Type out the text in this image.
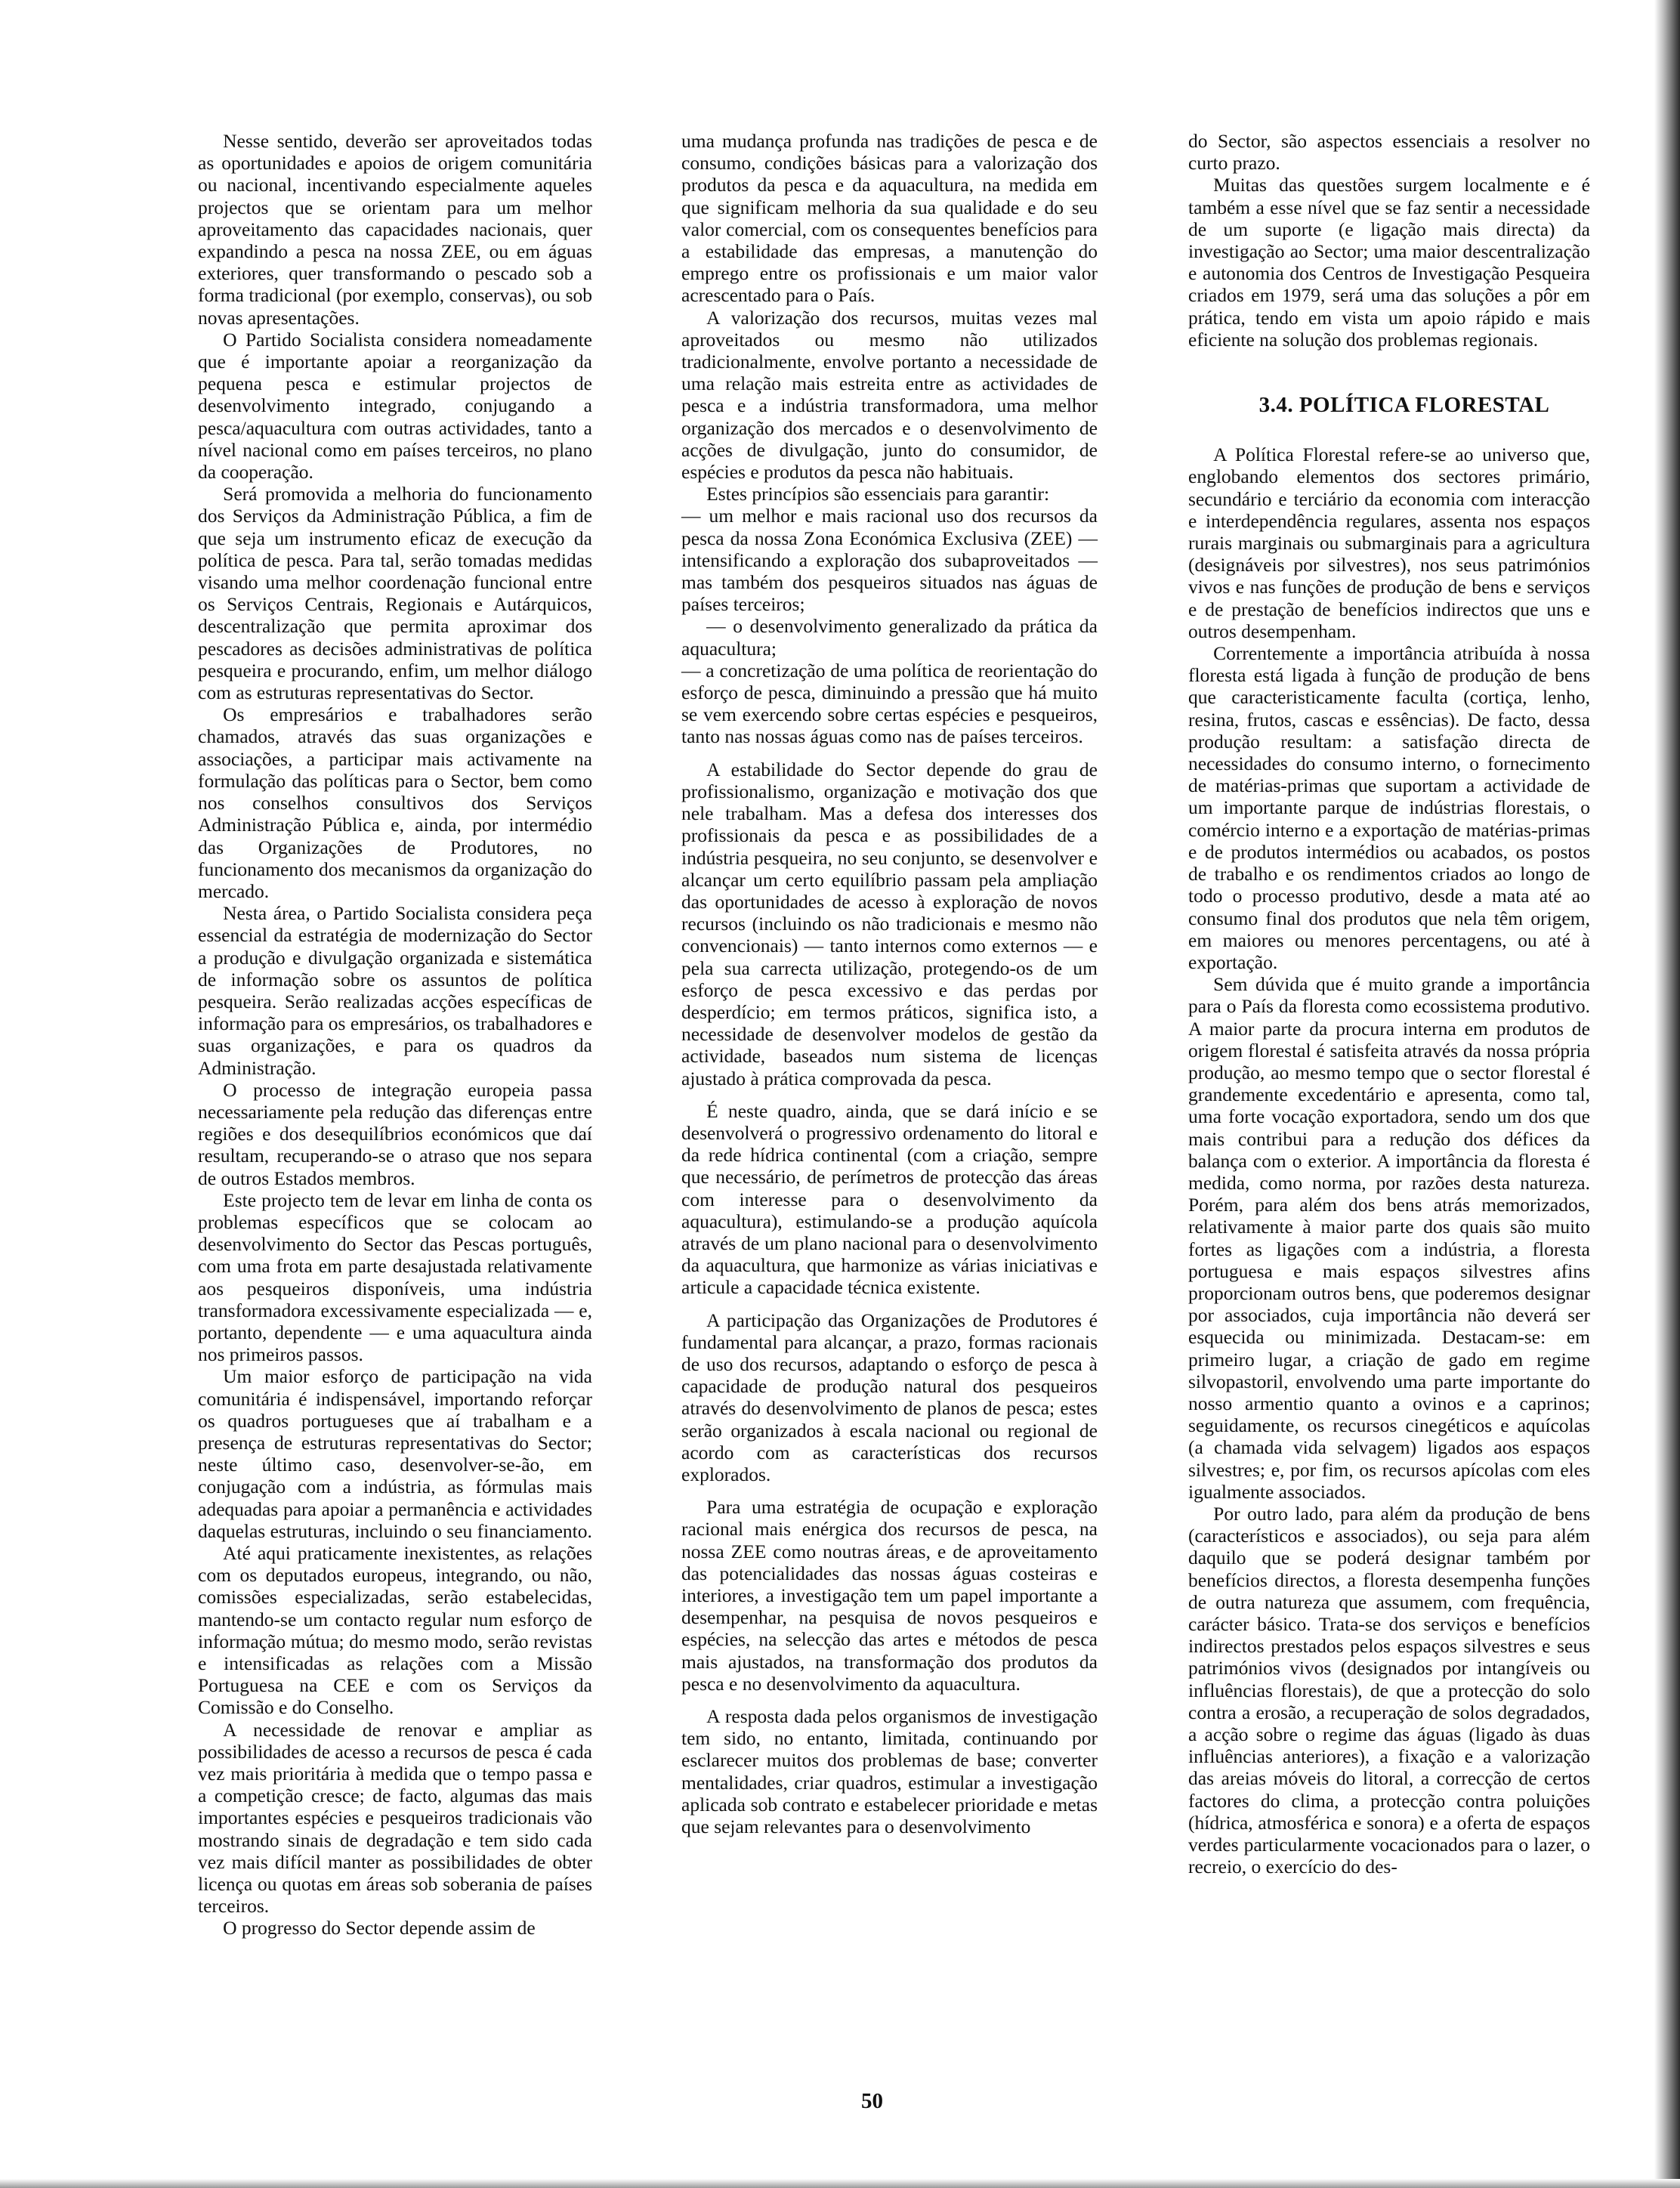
Nesse sentido, deverão ser aproveitados todas as oportunidades e apoios de origem comunitária ou nacional, incentivando especialmente aqueles projectos que se orientam para um melhor aproveitamento das capacidades nacionais, quer expandindo a pesca na nossa ZEE, ou em águas exteriores, quer transformando o pescado sob a forma tradicional (por exemplo, conservas), ou sob novas apresentações.

O Partido Socialista considera nomeadamente que é importante apoiar a reorganização da pequena pesca e estimular projectos de desenvolvimento integrado, conjugando a pesca/aquacultura com outras actividades, tanto a nível nacional como em países terceiros, no plano da cooperação.

Será promovida a melhoria do funcionamento dos Serviços da Administração Pública, a fim de que seja um instrumento eficaz de execução da política de pesca. Para tal, serão tomadas medidas visando uma melhor coordenação funcional entre os Serviços Centrais, Regionais e Autárquicos, descentralização que permita aproximar dos pescadores as decisões administrativas de política pesqueira e procurando, enfim, um melhor diálogo com as estruturas representativas do Sector.

Os empresários e trabalhadores serão chamados, através das suas organizações e associações, a participar mais activamente na formulação das políticas para o Sector, bem como nos conselhos consultivos dos Serviços Administração Pública e, ainda, por intermédio das Organizações de Produtores, no funcionamento dos mecanismos da organização do mercado.

Nesta área, o Partido Socialista considera peça essencial da estratégia de modernização do Sector a produção e divulgação organizada e sistemática de informação sobre os assuntos de política pesqueira. Serão realizadas acções específicas de informação para os empresários, os trabalhadores e suas organizações, e para os quadros da Administração.

O processo de integração europeia passa necessariamente pela redução das diferenças entre regiões e dos desequilíbrios económicos que daí resultam, recuperando-se o atraso que nos separa de outros Estados membros.

Este projecto tem de levar em linha de conta os problemas específicos que se colocam ao desenvolvimento do Sector das Pescas português, com uma frota em parte desajustada relativamente aos pesqueiros disponíveis, uma indústria transformadora excessivamente especializada — e, portanto, dependente — e uma aquacultura ainda nos primeiros passos.

Um maior esforço de participação na vida comunitária é indispensável, importando reforçar os quadros portugueses que aí trabalham e a presença de estruturas representativas do Sector; neste último caso, desenvolver-se-ão, em conjugação com a indústria, as fórmulas mais adequadas para apoiar a permanência e actividades daquelas estruturas, incluindo o seu financiamento.

Até aqui praticamente inexistentes, as relações com os deputados europeus, integrando, ou não, comissões especializadas, serão estabelecidas, mantendo-se um contacto regular num esforço de informação mútua; do mesmo modo, serão revistas e intensificadas as relações com a Missão Portuguesa na CEE e com os Serviços da Comissão e do Conselho.

A necessidade de renovar e ampliar as possibilidades de acesso a recursos de pesca é cada vez mais prioritária à medida que o tempo passa e a competição cresce; de facto, algumas das mais importantes espécies e pesqueiros tradicionais vão mostrando sinais de degradação e tem sido cada vez mais difícil manter as possibilidades de obter licença ou quotas em áreas sob soberania de países terceiros.

O progresso do Sector depende assim de

uma mudança profunda nas tradições de pesca e de consumo, condições básicas para a valorização dos produtos da pesca e da aquacultura, na medida em que significam melhoria da sua qualidade e do seu valor comercial, com os consequentes benefícios para a estabilidade das empresas, a manutenção do emprego entre os profissionais e um maior valor acrescentado para o País.

A valorização dos recursos, muitas vezes mal aproveitados ou mesmo não utilizados tradicionalmente, envolve portanto a necessidade de uma relação mais estreita entre as actividades de pesca e a indústria transformadora, uma melhor organização dos mercados e o desenvolvimento de acções de divulgação, junto do consumidor, de espécies e produtos da pesca não habituais.

Estes princípios são essenciais para garantir:

— um melhor e mais racional uso dos recursos da pesca da nossa Zona Económica Exclusiva (ZEE) — intensificando a exploração dos subaproveitados — mas também dos pesqueiros situados nas águas de países terceiros;

— o desenvolvimento generalizado da prática da aquacultura;

— a concretização de uma política de reorientação do esforço de pesca, diminuindo a pressão que há muito se vem exercendo sobre certas espécies e pesqueiros, tanto nas nossas águas como nas de países terceiros.

A estabilidade do Sector depende do grau de profissionalismo, organização e motivação dos que nele trabalham. Mas a defesa dos interesses dos profissionais da pesca e as possibilidades de a indústria pesqueira, no seu conjunto, se desenvolver e alcançar um certo equilíbrio passam pela ampliação das oportunidades de acesso à exploração de novos recursos (incluindo os não tradicionais e mesmo não convencionais) — tanto internos como externos — e pela sua carrecta utilização, protegendo-os de um esforço de pesca excessivo e das perdas por desperdício; em termos práticos, significa isto, a necessidade de desenvolver modelos de gestão da actividade, baseados num sistema de licenças ajustado à prática comprovada da pesca.

É neste quadro, ainda, que se dará início e se desenvolverá o progressivo ordenamento do litoral e da rede hídrica continental (com a criação, sempre que necessário, de perímetros de protecção das áreas com interesse para o desenvolvimento da aquacultura), estimulando-se a produção aquícola através de um plano nacional para o desenvolvimento da aquacultura, que harmonize as várias iniciativas e articule a capacidade técnica existente.

A participação das Organizações de Produtores é fundamental para alcançar, a prazo, formas racionais de uso dos recursos, adaptando o esforço de pesca à capacidade de produção natural dos pesqueiros através do desenvolvimento de planos de pesca; estes serão organizados à escala nacional ou regional de acordo com as características dos recursos explorados.

Para uma estratégia de ocupação e exploração racional mais enérgica dos recursos de pesca, na nossa ZEE como noutras áreas, e de aproveitamento das potencialidades das nossas águas costeiras e interiores, a investigação tem um papel importante a desempenhar, na pesquisa de novos pesqueiros e espécies, na selecção das artes e métodos de pesca mais ajustados, na transformação dos produtos da pesca e no desenvolvimento da aquacultura.

A resposta dada pelos organismos de investigação tem sido, no entanto, limitada, continuando por esclarecer muitos dos problemas de base; converter mentalidades, criar quadros, estimular a investigação aplicada sob contrato e estabelecer prioridade e metas que sejam relevantes para o desenvolvimento

do Sector, são aspectos essenciais a resolver no curto prazo.

Muitas das questões surgem localmente e é também a esse nível que se faz sentir a necessidade de um suporte (e ligação mais directa) da investigação ao Sector; uma maior descentralização e autonomia dos Centros de Investigação Pesqueira criados em 1979, será uma das soluções a pôr em prática, tendo em vista um apoio rápido e mais eficiente na solução dos problemas regionais.

3.4. POLÍTICA FLORESTAL

A Política Florestal refere-se ao universo que, englobando elementos dos sectores primário, secundário e terciário da economia com interacção e interdependência regulares, assenta nos espaços rurais marginais ou submarginais para a agricultura (designáveis por silvestres), nos seus patrimónios vivos e nas funções de produção de bens e serviços e de prestação de benefícios indirectos que uns e outros desempenham.

Correntemente a importância atribuída à nossa floresta está ligada à função de produção de bens que caracteristicamente faculta (cortiça, lenho, resina, frutos, cascas e essências). De facto, dessa produção resultam: a satisfação directa de necessidades do consumo interno, o fornecimento de matérias-primas que suportam a actividade de um importante parque de indústrias florestais, o comércio interno e a exportação de matérias-primas e de produtos intermédios ou acabados, os postos de trabalho e os rendimentos criados ao longo de todo o processo produtivo, desde a mata até ao consumo final dos produtos que nela têm origem, em maiores ou menores percentagens, ou até à exportação.

Sem dúvida que é muito grande a importância para o País da floresta como ecossistema produtivo. A maior parte da procura interna em produtos de origem florestal é satisfeita através da nossa própria produção, ao mesmo tempo que o sector florestal é grandemente excedentário e apresenta, como tal, uma forte vocação exportadora, sendo um dos que mais contribui para a redução dos défices da balança com o exterior. A importância da floresta é medida, como norma, por razões desta natureza. Porém, para além dos bens atrás memorizados, relativamente à maior parte dos quais são muito fortes as ligações com a indústria, a floresta portuguesa e mais espaços silvestres afins proporcionam outros bens, que poderemos designar por associados, cuja importância não deverá ser esquecida ou minimizada. Destacam-se: em primeiro lugar, a criação de gado em regime silvopastoril, envolvendo uma parte importante do nosso armentio quanto a ovinos e a caprinos; seguidamente, os recursos cinegéticos e aquícolas (a chamada vida selvagem) ligados aos espaços silvestres; e, por fim, os recursos apícolas com eles igualmente associados.

Por outro lado, para além da produção de bens (característicos e associados), ou seja para além daquilo que se poderá designar também por benefícios directos, a floresta desempenha funções de outra natureza que assumem, com frequência, carácter básico. Trata-se dos serviços e benefícios indirectos prestados pelos espaços silvestres e seus patrimónios vivos (designados por intangíveis ou influências florestais), de que a protecção do solo contra a erosão, a recuperação de solos degradados, a acção sobre o regime das águas (ligado às duas influências anteriores), a fixação e a valorização das areias móveis do litoral, a correcção de certos factores do clima, a protecção contra poluições (hídrica, atmosférica e sonora) e a oferta de espaços verdes particularmente vocacionados para o lazer, o recreio, o exercício do des-

50
